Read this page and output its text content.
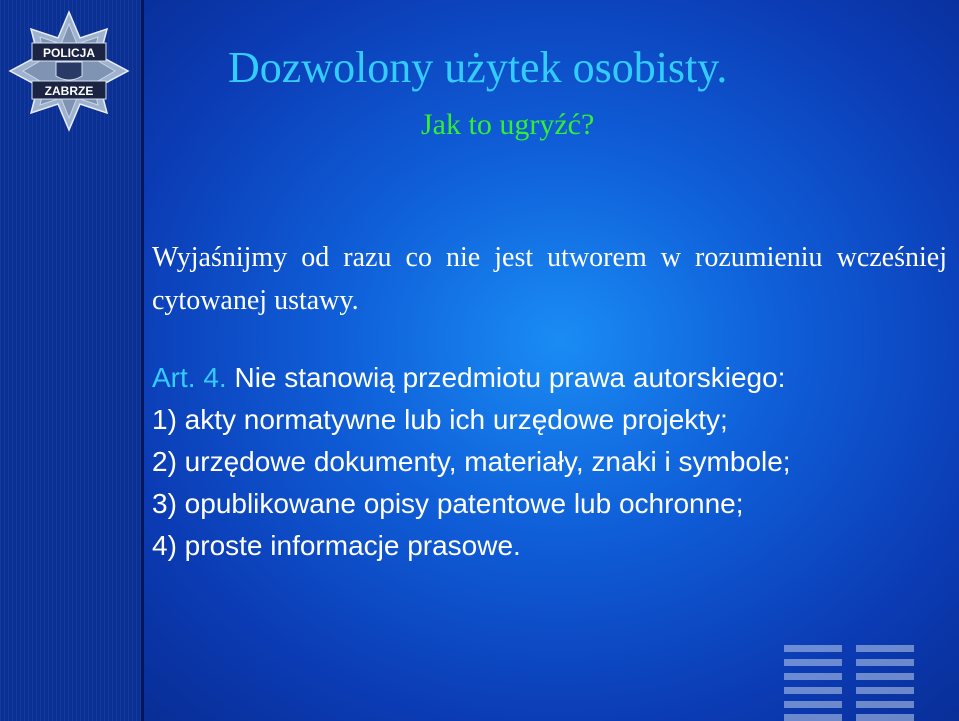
POLICJA
ZABRZE	Dozwolony użytek osobisty.
Jak to ugryźć?
Wyjaśnijmy od razu co nie jest utworem w rozumieniu wcześniej cytowanej ustawy.
Art. 4. Nie stanowią przedmiotu prawa autorskiego:
1) akty normatywne lub ich urzędowe projekty;
2) urzędowe dokumenty, materiały, znaki i symbole;
3) opublikowane opisy patentowe lub ochronne;
4) proste informacje prasowe.
